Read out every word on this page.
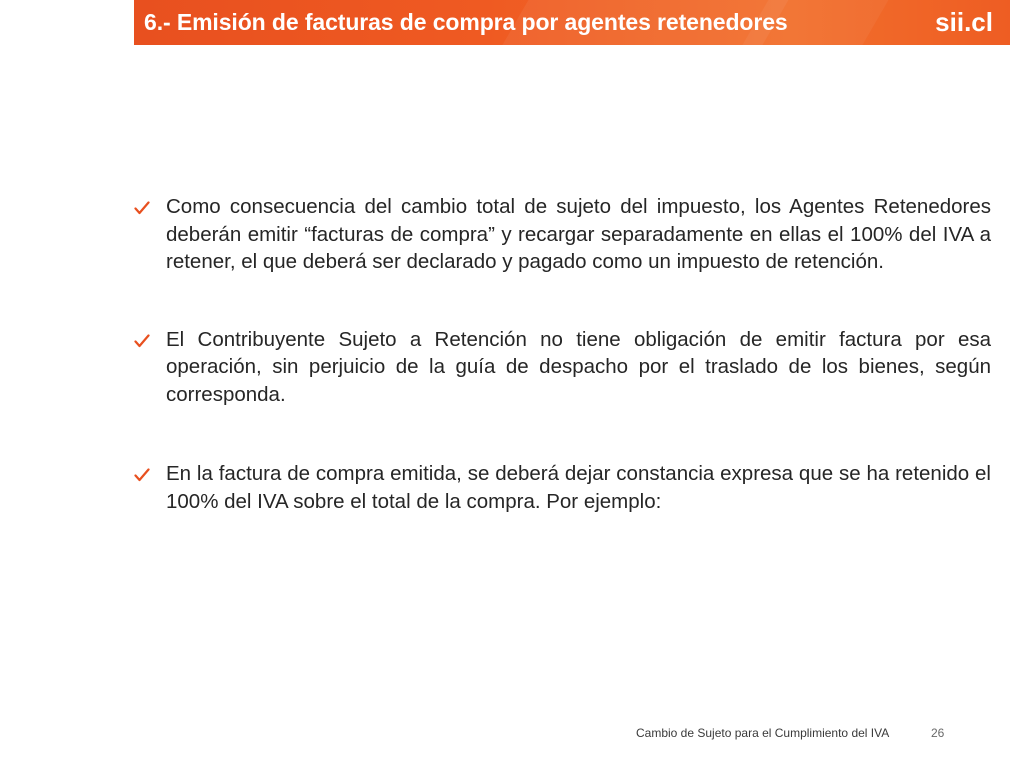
6.- Emisión de facturas de compra por agentes retenedores	sii.cl
Como consecuencia del cambio total de sujeto del impuesto, los Agentes Retenedores deberán emitir “facturas de compra” y recargar separadamente en ellas el 100% del IVA a retener, el que deberá ser declarado y pagado como un impuesto de retención.
El Contribuyente Sujeto a Retención no tiene obligación de emitir factura por esa operación, sin perjuicio de la guía de despacho por el traslado de los bienes, según corresponda.
En la factura de compra emitida, se deberá dejar constancia expresa que se ha retenido el 100% del IVA sobre el total de la compra. Por ejemplo:
Cambio de Sujeto para el Cumplimiento del IVA	26
